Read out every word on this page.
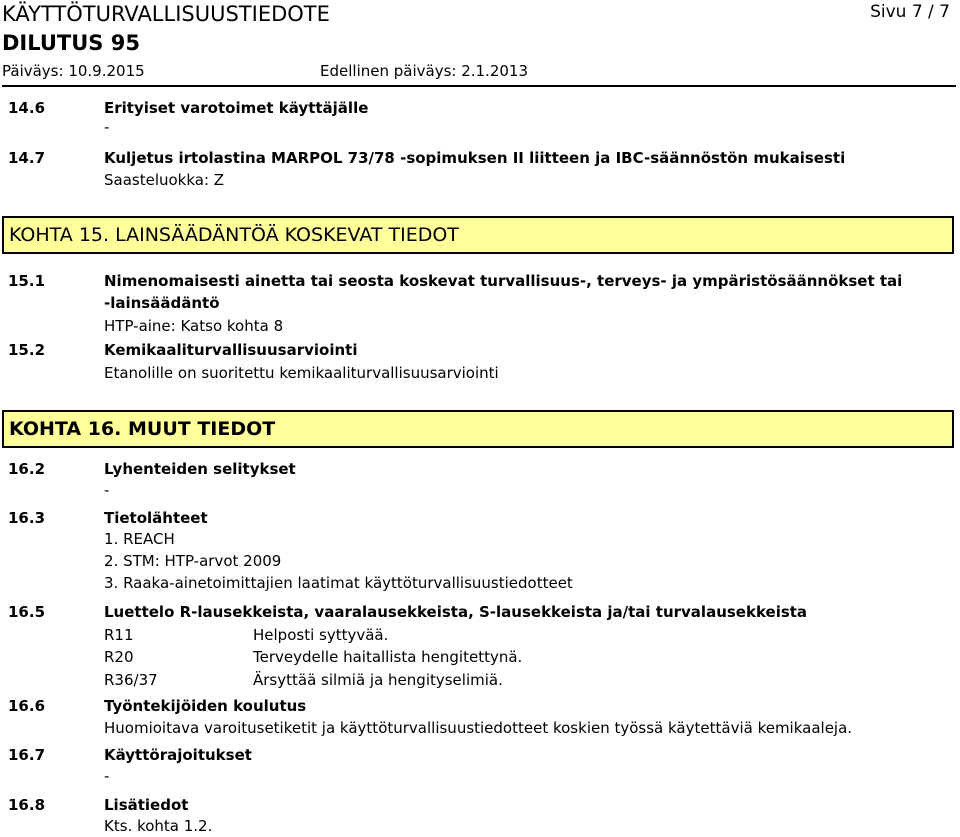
KÄYTTÖTURVALLISUUSTIEDOTE	Sivu 7 / 7
DILUTUS 95
Päiväys: 10.9.2015	Edellinen päiväys: 2.1.2013
14.6	Erityiset varotoimet käyttäjälle
-
14.7	Kuljetus irtolastina MARPOL 73/78 -sopimuksen II liitteen ja IBC-säännöstön mukaisesti
Saasteluokka: Z
KOHTA 15. LAINSÄÄDÄNTÖÄ KOSKEVAT TIEDOT
15.1	Nimenomaisesti ainetta tai seosta koskevat turvallisuus-, terveys- ja ympäristösäännökset tai
-lainsäädäntö
HTP-aine: Katso kohta 8
15.2	Kemikaaliturvallisuusarviointi
Etanolille on suoritettu kemikaaliturvallisuusarviointi
KOHTA 16. MUUT TIEDOT
16.2	Lyhenteiden selitykset
-
16.3	Tietolähteet
1. REACH
2. STM: HTP-arvot 2009
3. Raaka-ainetoimittajien laatimat käyttöturvallisuustiedotteet
16.5	Luettelo R-lausekkeista, vaaralausekkeista, S-lausekkeista ja/tai turvalausekkeista
R11	Helposti syttyvää.
R20	Terveydelle haitallista hengitettynä.
R36/37	Ärsyttää silmiä ja hengityselimiä.
16.6	Työntekijöiden koulutus
Huomioitava varoitusetiketit ja käyttöturvallisuustiedotteet koskien työssä käytettäviä kemikaaleja.
16.7	Käyttörajoitukset
-
16.8	Lisätiedot
Kts. kohta 1.2.
